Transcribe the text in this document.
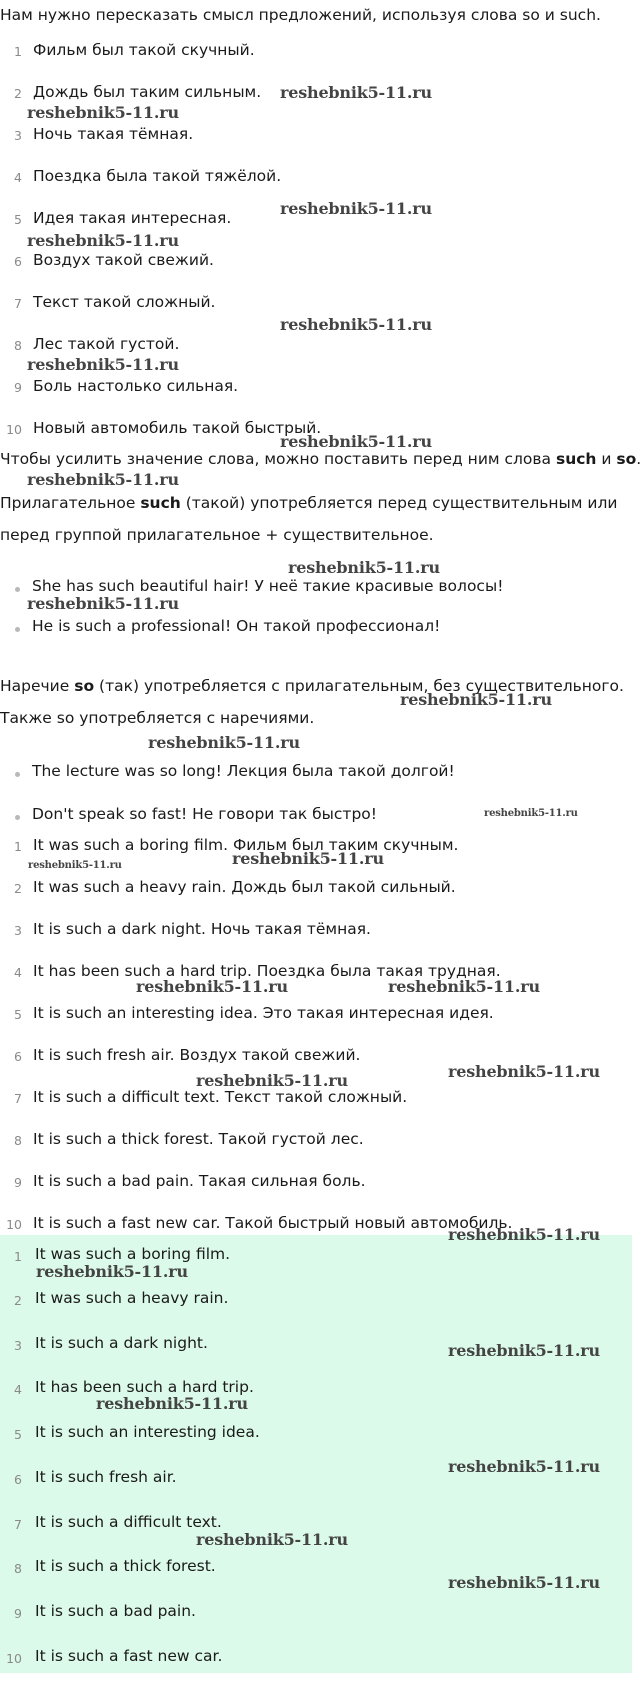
Нам нужно пересказать смысл предложений, используя слова so и such.
1 Фильм был такой скучный.
2 Дождь был таким сильным.
3 Ночь такая тёмная.
4 Поездка была такой тяжёлой.
5 Идея такая интересная.
6 Воздух такой свежий.
7 Текст такой сложный.
8 Лес такой густой.
9 Боль настолько сильная.
10 Новый автомобиль такой быстрый.
Чтобы усилить значение слова, можно поставить перед ним слова such и so.
Прилагательное such (такой) употребляется перед существительным или
перед группой прилагательное + существительное.
She has such beautiful hair! У неё такие красивые волосы!
He is such a professional! Он такой профессионал!
Наречие so (так) употребляется с прилагательным, без существительного.
Также so употребляется с наречиями.
The lecture was so long! Лекция была такой долгой!
Don't speak so fast! Не говори так быстро!
1 It was such a boring film. Фильм был таким скучным.
2 It was such a heavy rain. Дождь был такой сильный.
3 It is such a dark night. Ночь такая тёмная.
4 It has been such a hard trip. Поездка была такая трудная.
5 It is such an interesting idea. Это такая интересная идея.
6 It is such fresh air. Воздух такой свежий.
7 It is such a difficult text. Текст такой сложный.
8 It is such a thick forest. Такой густой лес.
9 It is such a bad pain. Такая сильная боль.
10 It is such a fast new car. Такой быстрый новый автомобиль.
1 It was such a boring film.
2 It was such a heavy rain.
3 It is such a dark night.
4 It has been such a hard trip.
5 It is such an interesting idea.
6 It is such fresh air.
7 It is such a difficult text.
8 It is such a thick forest.
9 It is such a bad pain.
10 It is such a fast new car.
reshebnik5-11.ru
reshebnik5-11.ru
reshebnik5-11.ru
reshebnik5-11.ru
reshebnik5-11.ru
reshebnik5-11.ru
reshebnik5-11.ru
reshebnik5-11.ru
reshebnik5-11.ru
reshebnik5-11.ru
reshebnik5-11.ru
reshebnik5-11.ru
reshebnik5-11.ru
reshebnik5-11.ru
reshebnik5-11.ru
reshebnik5-11.ru	reshebnik5-11.ru
reshebnik5-11.ru
reshebnik5-11.ru
reshebnik5-11.ru
reshebnik5-11.ru
reshebnik5-11.ru
reshebnik5-11.ru
reshebnik5-11.ru
reshebnik5-11.ru
reshebnik5-11.ru
